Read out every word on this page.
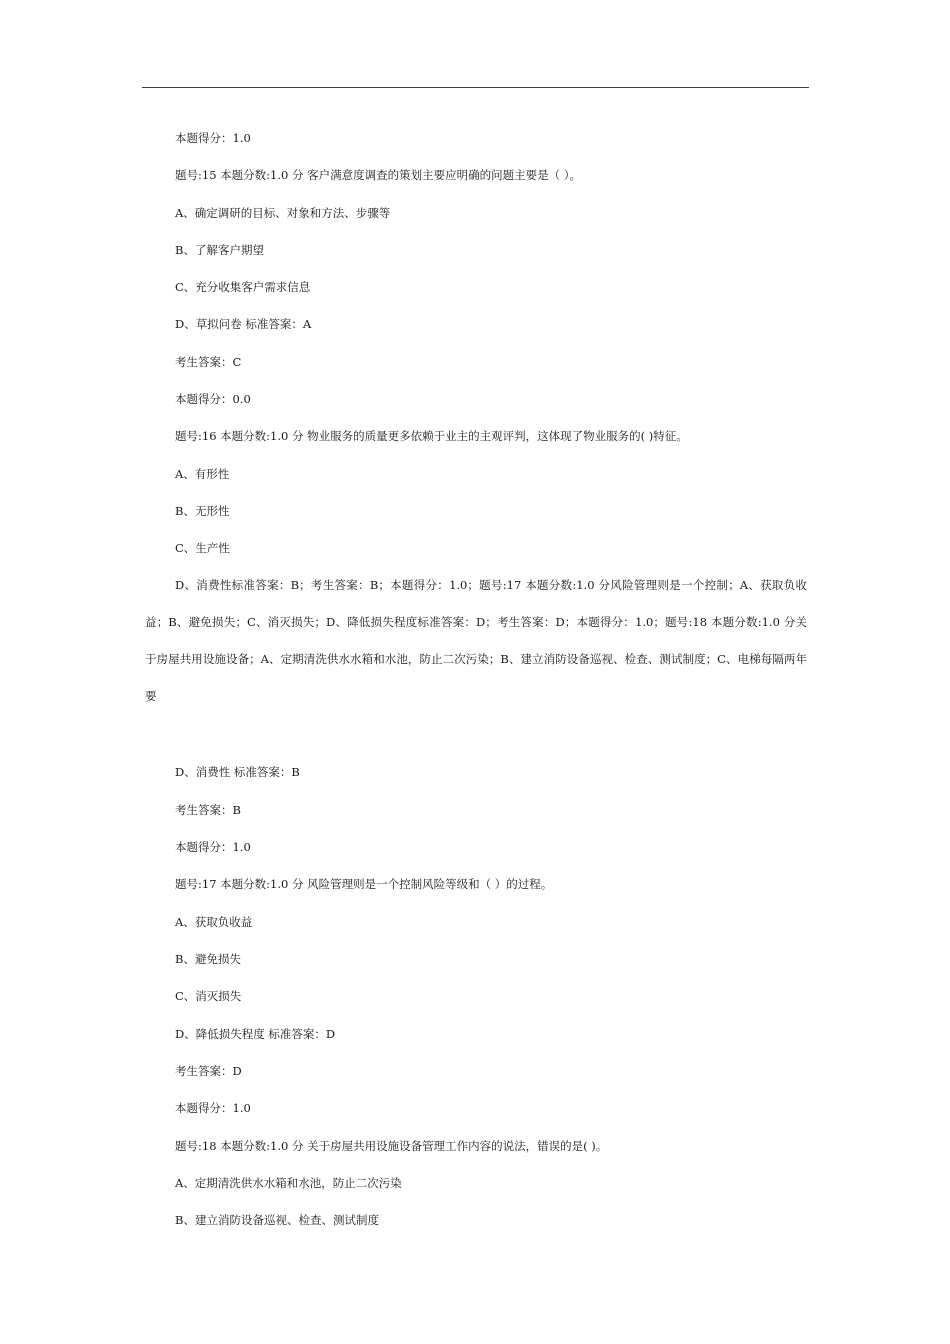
本题得分：1.0
题号:15 本题分数:1.0 分 客户满意度调查的策划主要应明确的问题主要是（ ）。
A、确定调研的目标、对象和方法、步骤等
B、了解客户期望
C、充分收集客户需求信息
D、草拟问卷 标准答案：A
考生答案：C
本题得分：0.0
题号:16 本题分数:1.0 分 物业服务的质量更多依赖于业主的主观评判，这体现了物业服务的( )特征。
A、有形性
B、无形性
C、生产性
D、消费性标准答案：B；考生答案：B；本题得分：1.0；题号:17 本题分数:1.0 分风险管理则是一个控制；A、获取负收益；B、避免损失；C、消灭损失；D、降低损失程度标准答案：D；考生答案：D；本题得分：1.0；题号:18 本题分数:1.0 分关于房屋共用设施设备；A、定期清洗供水水箱和水池，防止二次污染；B、建立消防设备巡视、检查、测试制度；C、电梯每隔两年要
D、消费性 标准答案：B
考生答案：B
本题得分：1.0
题号:17 本题分数:1.0 分 风险管理则是一个控制风险等级和（ ）的过程。
A、获取负收益
B、避免损失
C、消灭损失
D、降低损失程度 标准答案：D
考生答案：D
本题得分：1.0
题号:18 本题分数:1.0 分 关于房屋共用设施设备管理工作内容的说法，错误的是( )。
A、定期清洗供水水箱和水池，防止二次污染
B、建立消防设备巡视、检查、测试制度
